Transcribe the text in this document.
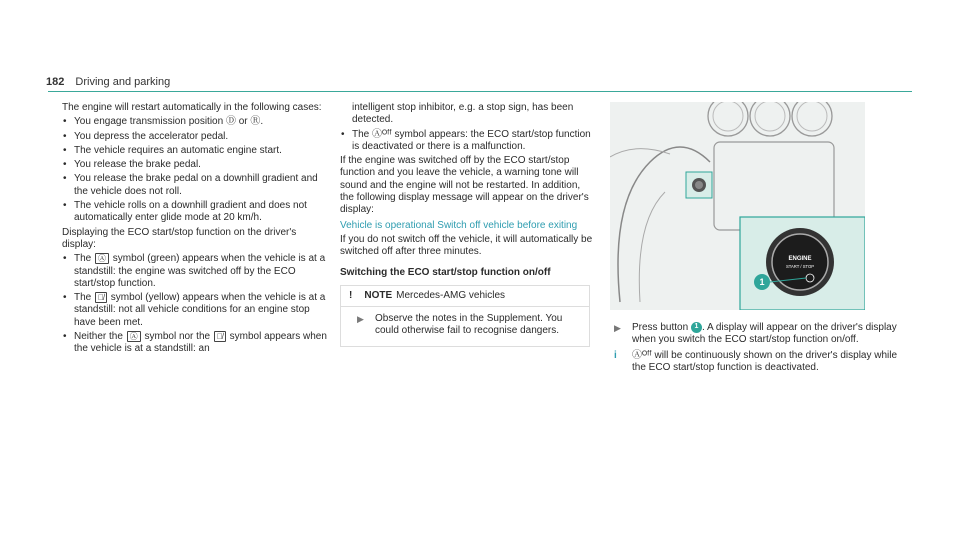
182 Driving and parking
The engine will restart automatically in the following cases:
• You engage transmission position Ⓓ or Ⓡ.
• You depress the accelerator pedal.
• The vehicle requires an automatic engine start.
• You release the brake pedal.
• You release the brake pedal on a downhill gradient and the vehicle does not roll.
• The vehicle rolls on a downhill gradient and does not automatically enter glide mode at 20 km/h.
Displaying the ECO start/stop function on the driver's display:
• The Ⓐ symbol (green) appears when the vehicle is at a standstill: the engine was switched off by the ECO start/stop function.
• The Ⓐ̸ symbol (yellow) appears when the vehicle is at a standstill: not all vehicle conditions for an engine stop have been met.
• Neither the Ⓐ symbol nor the Ⓐ̸ symbol appears when the vehicle is at a standstill: an
intelligent stop inhibitor, e.g. a stop sign, has been detected.
• The Ⓐᴼᶠᶠ symbol appears: the ECO start/stop function is deactivated or there is a malfunction.
If the engine was switched off by the ECO start/stop function and you leave the vehicle, a warning tone will sound and the engine will not be restarted. In addition, the following display message will appear on the driver's display:
Vehicle is operational Switch off vehicle before exiting
If you do not switch off the vehicle, it will automatically be switched off after three minutes.
Switching the ECO start/stop function on/off
! NOTE Mercedes-AMG vehicles
▶ Observe the notes in the Supplement. You could otherwise fail to recognise dangers.
ENGINE
START / STOP
1
▶ Press button 1 . A display will appear on the driver's display when you switch the ECO start/stop function on/off.
i Ⓐᴼᶠᶠ will be continuously shown on the driver's display while the ECO start/stop function is deactivated.
